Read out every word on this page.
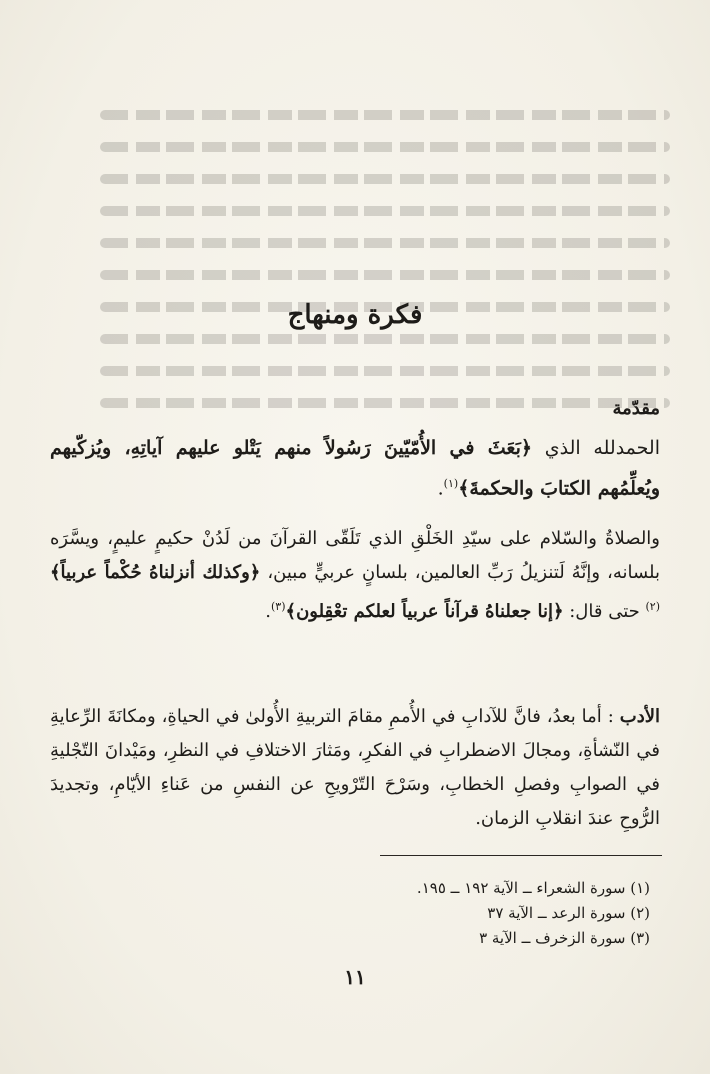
فكرة ومنهاج

مقدّمة

الحمدلله الذي ﴿بَعَثَ في الأُمّيّينَ رَسُولاً منهم يَتْلو عليهم آياتِهِ، ويُزكّيهم ويُعلِّمُهم الكتابَ والحكمةَ﴾$^{(١)}$.

والصلاةُ والسّلام على سيّدِ الخَلْقِ الذي تَلَقّى القرآنَ من لَدُنْ حكيمٍ عليمٍ، ويسَّرَه بلسانه، وإنَّهُ لَتنزيلُ رَبِّ العالمين، بلسانٍ عربيٍّ مبين، ﴿وكذلك أنزلناهُ حُكْماً عربياً﴾$^{(٢)}$ حتى قال: ﴿إنا جعلناهُ قرآناً عربياً لعلكم تعْقِلون﴾$^{(٣)}$.

الأدب : أما بعدُ، فانَّ للآدابِ في الأُممِ مقامَ التربيةِ الأُولىٰ في الحياةِ، ومكانَةَ الرِّعايةِ في النّشأةِ، ومجالَ الاضطرابِ في الفكرِ، ومَثارَ الاختلافِ في النظرِ، ومَيْدانَ التّجْليةِ في الصوابِ وفصلِ الخطابِ، وسَرْحَ التّرْويحِ عن النفسِ من عَناءِ الأيّامِ، وتجديدَ الرُّوحِ عندَ انقلابِ الزمان.

(١) سورة الشعراء ــ الآية ١٩٢ ــ ١٩٥.

(٢) سورة الرعد ــ الآية ٣٧

(٣) سورة الزخرف ــ الآية ٣

١١
